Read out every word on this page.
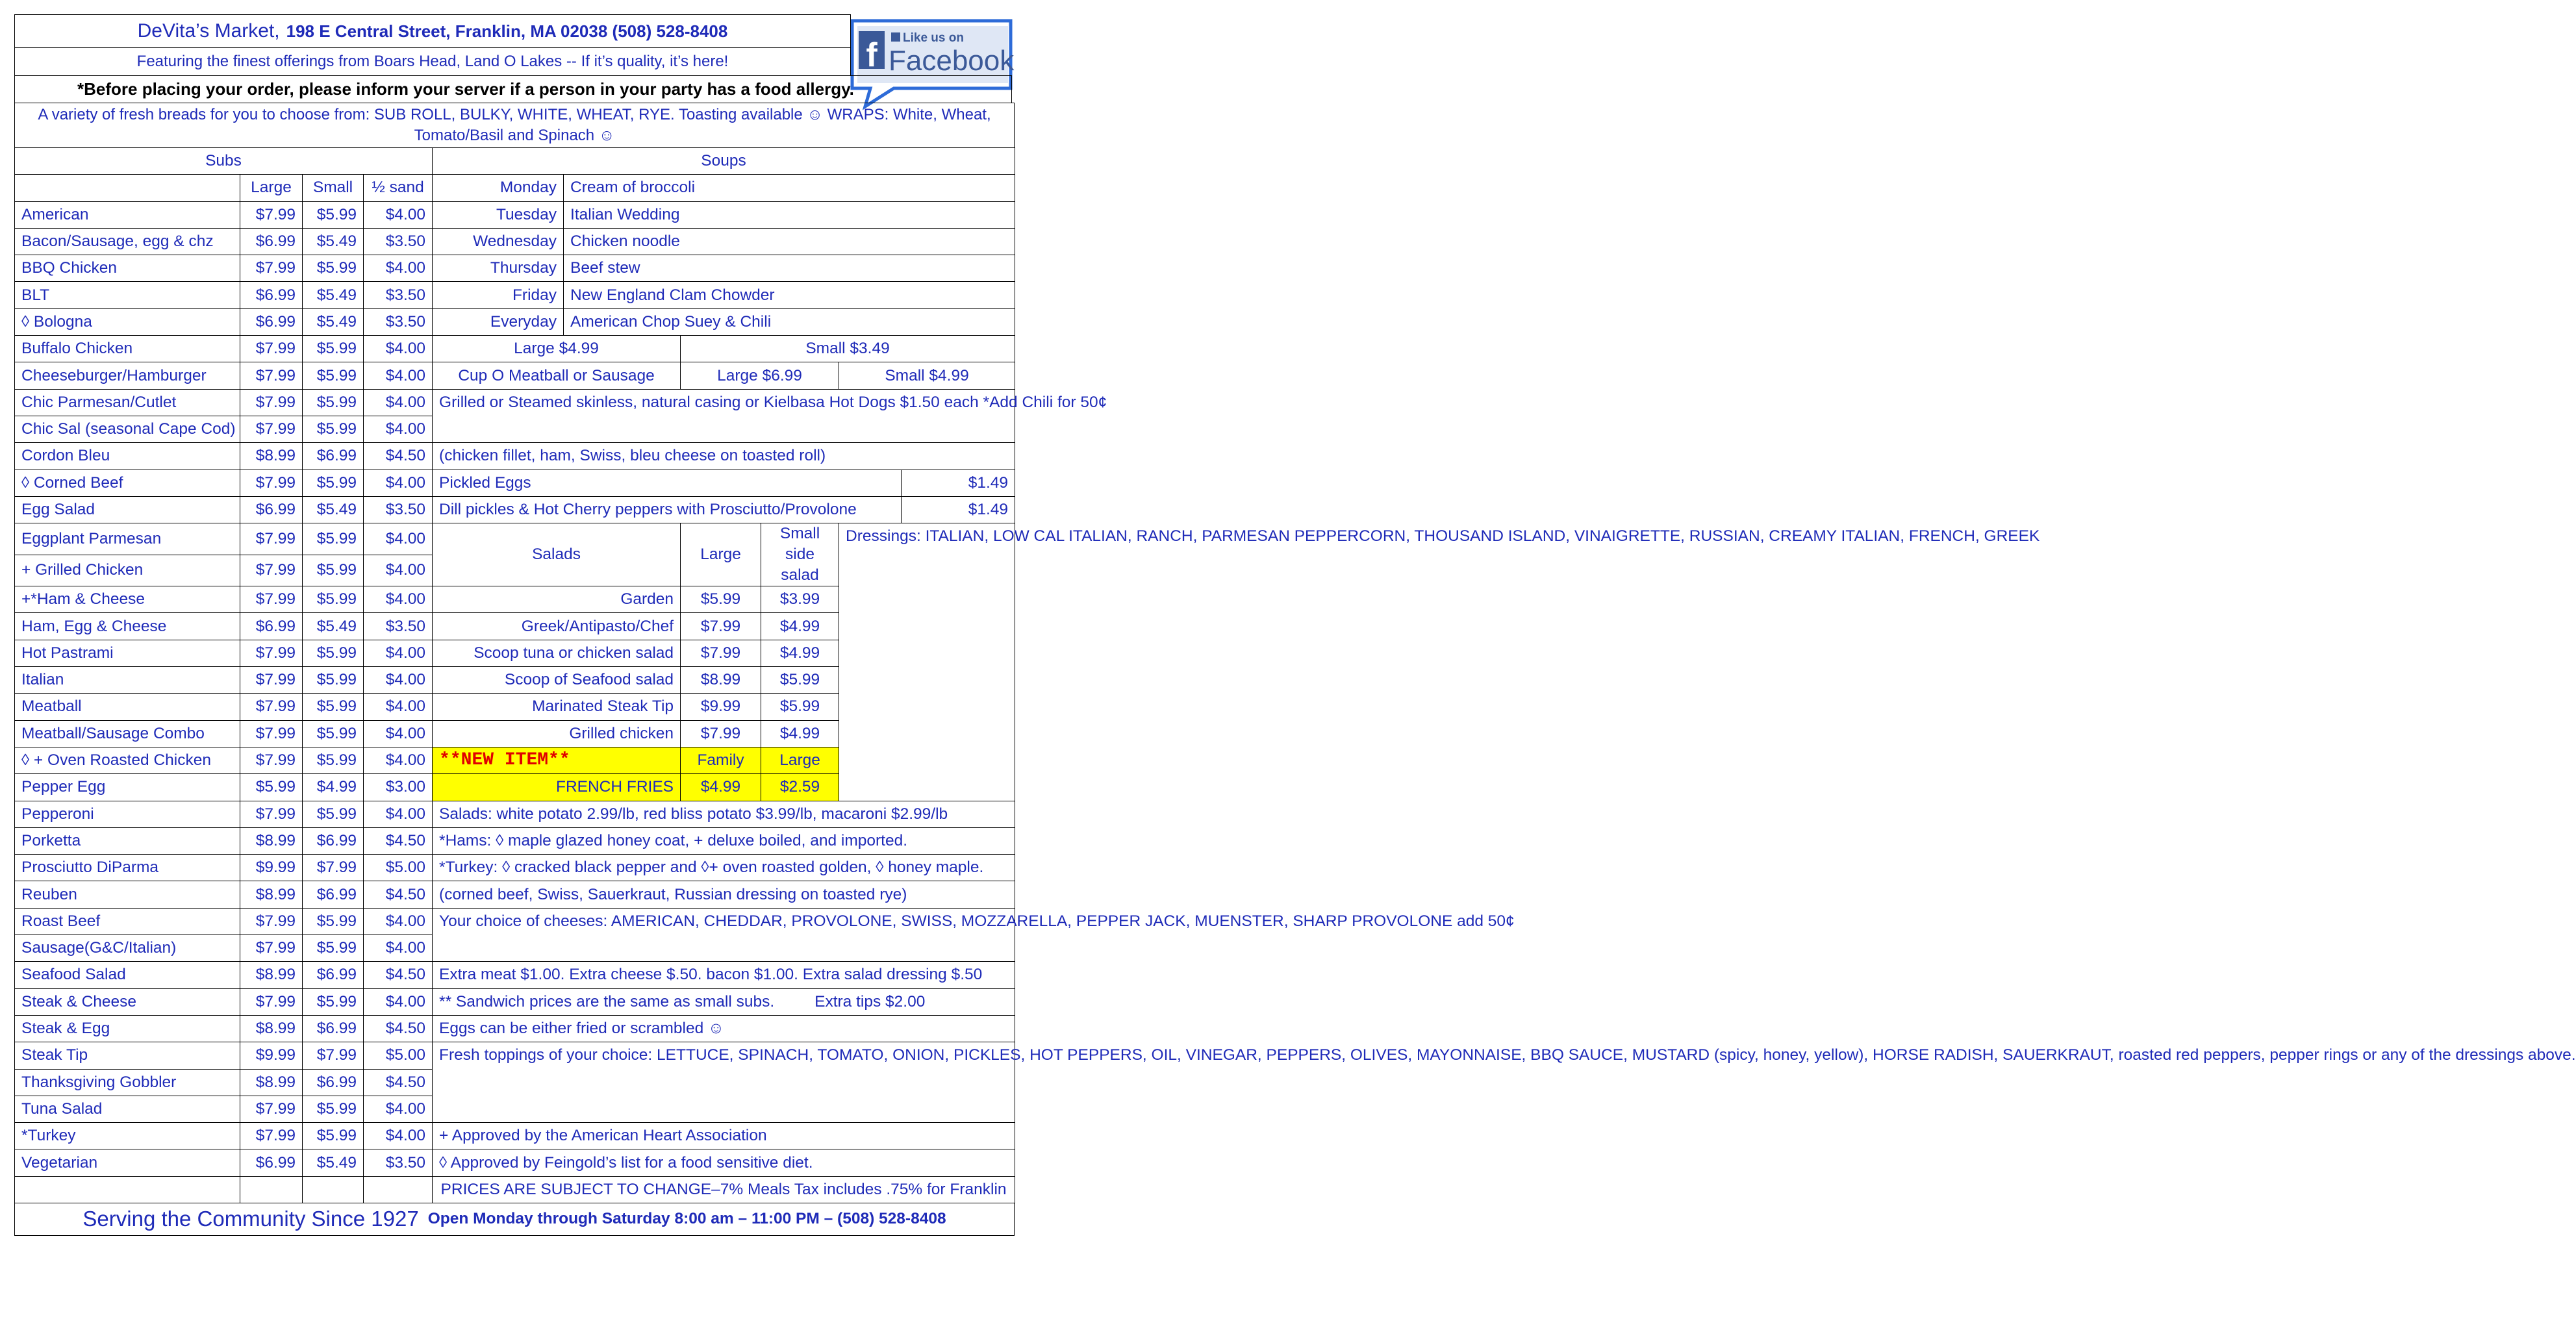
f Like us on
Facebook
DeVita’s Market, 198 E Central Street, Franklin, MA 02038 (508) 528-8408
Featuring the finest offerings from Boars Head, Land O Lakes -- If it’s quality, it’s here!
*Before placing your order, please inform your server if a person in your party has a food allergy.
A variety of fresh breads for you to choose from: SUB ROLL, BULKY, WHITE, WHEAT, RYE. Toasting available ☺ WRAPS: White, Wheat, Tomato/Basil and Spinach ☺
Subs				Soups					
	Large	Small	½ sand	Monday	Cream of broccoli				
American	$7.99	$5.99	$4.00	Tuesday	Italian Wedding				
Bacon/Sausage, egg & chz	$6.99	$5.49	$3.50	Wednesday	Chicken noodle				
BBQ Chicken	$7.99	$5.99	$4.00	Thursday	Beef stew				
BLT	$6.99	$5.49	$3.50	Friday	New England Clam Chowder				
◊ Bologna	$6.99	$5.49	$3.50	Everyday	American Chop Suey & Chili				
Buffalo Chicken	$7.99	$5.99	$4.00	Large $4.99		Small $3.49			
Cheeseburger/Hamburger	$7.99	$5.99	$4.00	Cup O Meatball or Sausage		Large $6.99		Small $4.99	
Chic Parmesan/Cutlet	$7.99	$5.99	$4.00	Grilled or Steamed skinless, natural casing or Kielbasa Hot Dogs $1.50 each *Add Chili for 50¢					
Chic Sal (seasonal Cape Cod)	$7.99	$5.99	$4.00						
Cordon Bleu	$8.99	$6.99	$4.50	(chicken fillet, ham, Swiss, bleu cheese on toasted roll)					
◊ Corned Beef	$7.99	$5.99	$4.00	Pickled Eggs					$1.49
Egg Salad	$6.99	$5.49	$3.50	Dill pickles & Hot Cherry peppers with Prosciutto/Provolone					$1.49
Eggplant Parmesan	$7.99	$5.99	$4.00	Salads		Large	Small side salad	Dressings: ITALIAN, LOW CAL ITALIAN, RANCH, PARMESAN PEPPERCORN, THOUSAND ISLAND, VINAIGRETTE, RUSSIAN, CREAMY ITALIAN, FRENCH, GREEK	
+ Grilled Chicken	$7.99	$5.99	$4.00						
+*Ham & Cheese	$7.99	$5.99	$4.00	Garden		$5.99	$3.99		
Ham, Egg & Cheese	$6.99	$5.49	$3.50	Greek/Antipasto/Chef		$7.99	$4.99		
Hot Pastrami	$7.99	$5.99	$4.00	Scoop tuna or chicken salad		$7.99	$4.99		
Italian	$7.99	$5.99	$4.00	Scoop of Seafood salad		$8.99	$5.99		
Meatball	$7.99	$5.99	$4.00	Marinated Steak Tip		$9.99	$5.99		
Meatball/Sausage Combo	$7.99	$5.99	$4.00	Grilled chicken		$7.99	$4.99		
◊ + Oven Roasted Chicken	$7.99	$5.99	$4.00	**NEW ITEM**		Family	Large		
Pepper Egg	$5.99	$4.99	$3.00	FRENCH FRIES		$4.99	$2.59		
Pepperoni	$7.99	$5.99	$4.00	Salads: white potato 2.99/lb, red bliss potato $3.99/lb, macaroni $2.99/lb					
Porketta	$8.99	$6.99	$4.50	*Hams: ◊ maple glazed honey coat, + deluxe boiled, and imported.					
Prosciutto DiParma	$9.99	$7.99	$5.00	*Turkey: ◊ cracked black pepper and ◊+ oven roasted golden, ◊ honey maple.					
Reuben	$8.99	$6.99	$4.50	(corned beef, Swiss, Sauerkraut, Russian dressing on toasted rye)					
Roast Beef	$7.99	$5.99	$4.00	Your choice of cheeses: AMERICAN, CHEDDAR, PROVOLONE, SWISS, MOZZARELLA, PEPPER JACK, MUENSTER, SHARP PROVOLONE add 50¢					
Sausage(G&C/Italian)	$7.99	$5.99	$4.00						
Seafood Salad	$8.99	$6.99	$4.50	Extra meat $1.00. Extra cheese $.50. bacon $1.00. Extra salad dressing $.50					
Steak & Cheese	$7.99	$5.99	$4.00	** Sandwich prices are the same as small subs. Extra tips $2.00					
Steak & Egg	$8.99	$6.99	$4.50	Eggs can be either fried or scrambled ☺					
Steak Tip	$9.99	$7.99	$5.00	Fresh toppings of your choice: LETTUCE, SPINACH, TOMATO, ONION, PICKLES, HOT PEPPERS, OIL, VINEGAR, PEPPERS, OLIVES, MAYONNAISE, BBQ SAUCE, MUSTARD (spicy, honey, yellow), HORSE RADISH, SAUERKRAUT, roasted red peppers, pepper rings or any of the dressings above.					
Thanksgiving Gobbler	$8.99	$6.99	$4.50						
Tuna Salad	$7.99	$5.99	$4.00						
*Turkey	$7.99	$5.99	$4.00	+ Approved by the American Heart Association					
Vegetarian	$6.99	$5.49	$3.50	◊ Approved by Feingold’s list for a food sensitive diet.					
				PRICES ARE SUBJECT TO CHANGE–7% Meals Tax includes .75% for Franklin					
Serving the Community Since 1927 Open Monday through Saturday 8:00 am – 11:00 PM – (508) 528-8408
